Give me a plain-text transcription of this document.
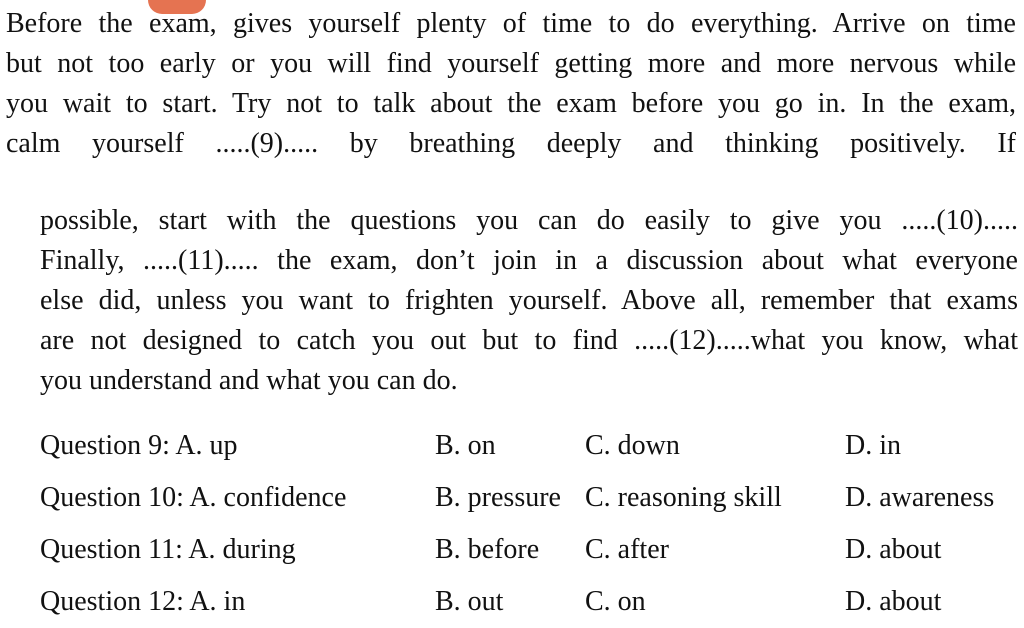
Before the exam, gives yourself plenty of time to do everything. Arrive on time
but not too early or you will find yourself getting more and more nervous while
you wait to start. Try not to talk about the exam before you go in. In the exam,
calm yourself .....(9)..... by breathing deeply and thinking positively. If
possible, start with the questions you can do easily to give you .....(10).....
Finally, .....(11)..... the exam, don’t join in a discussion about what everyone
else did, unless you want to frighten yourself. Above all, remember that exams
are not designed to catch you out but to find .....(12).....what you know, what
you understand and what you can do.
Question 9: A. up	B. on	C. down	D. in
Question 10: A. confidence	B. pressure C. reasoning skill D. awareness
Question 11: A. during	B. before C. after	D. about
Question 12: A. in	B. out	C. on	D. about
